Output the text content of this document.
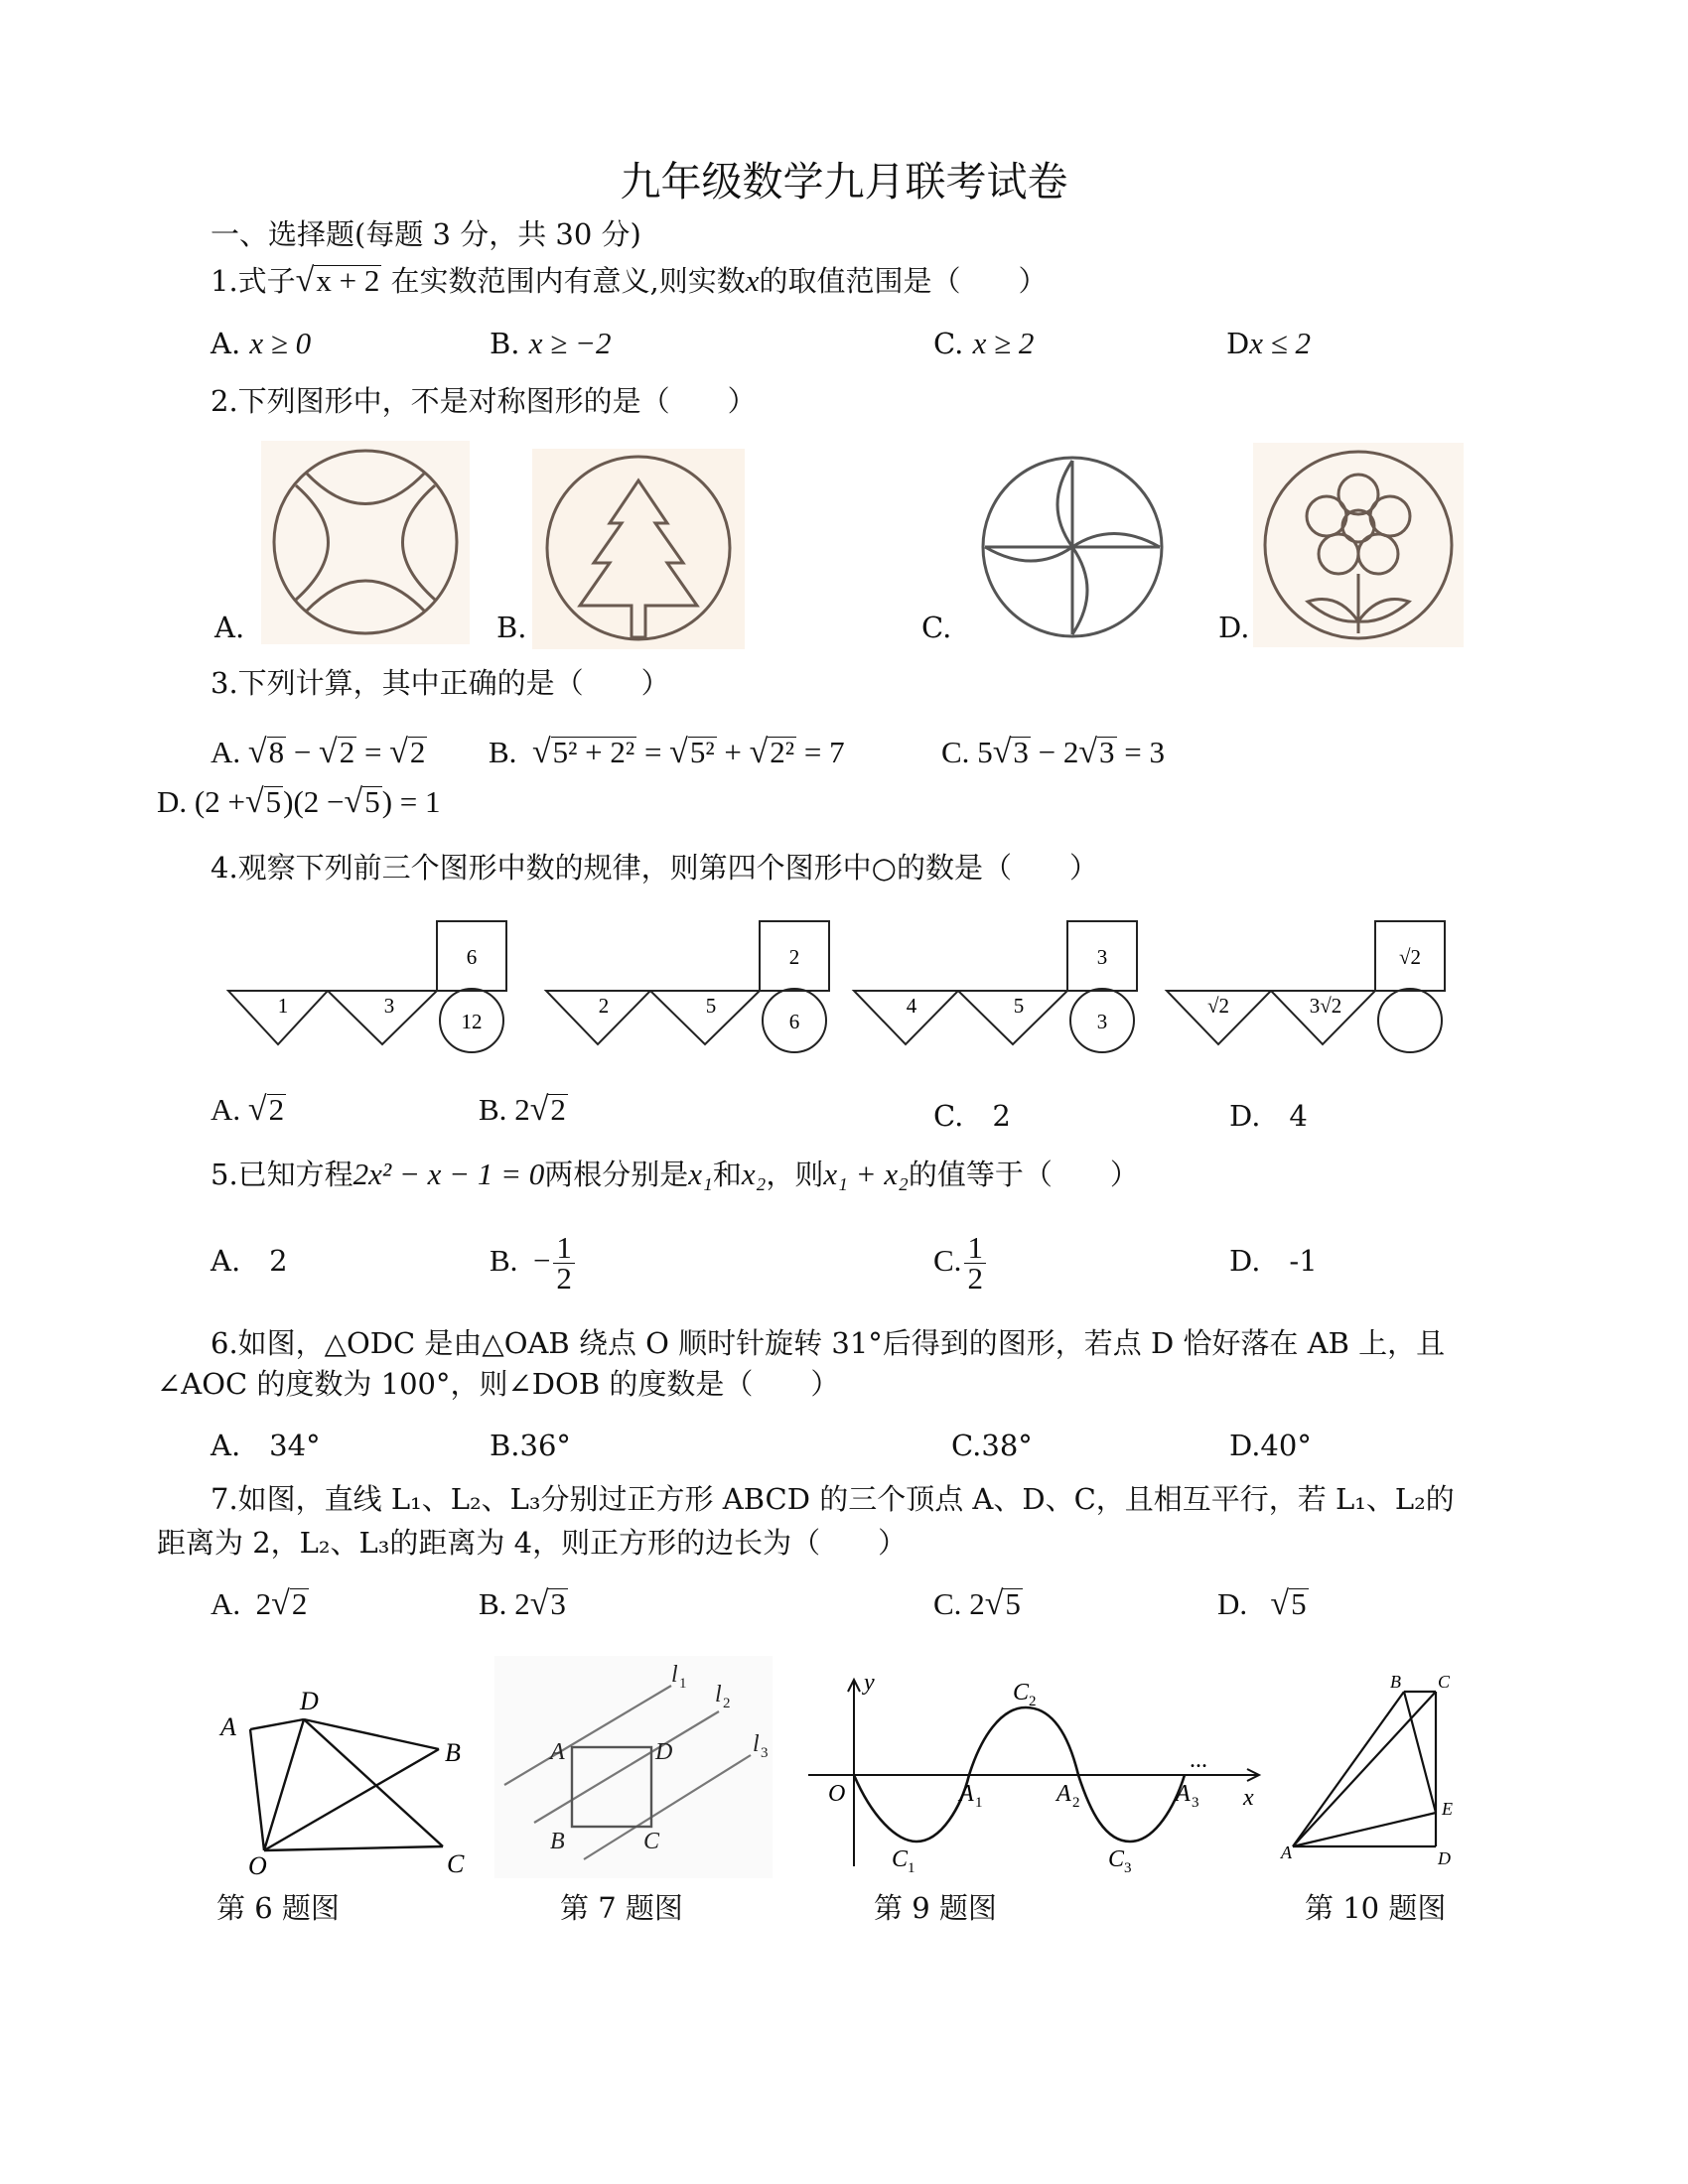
九年级数学九月联考试卷
一、选择题(每题 3 分，共 30 分)
1.式子√x + 2 在实数范围内有意义,则实数x的取值范围是（　　）
A. x ≥ 0	B. x ≥ −2	C. x ≥ 2	Dx ≤ 2
2.下列图形中，不是对称图形的是（　　）
A.	B.	C.	D.
3.下列计算，其中正确的是（　　）
A. √8 − √2 = √2 B. √5² + 2² = √5² + √2² = 7	C. 5√3 − 2√3 = 3
D. (2 +√5)(2 −√5) = 1
4.观察下列前三个图形中数的规律，则第四个图形中○的数是（　　）
1	3
6
12
2	5
2
6
4	5
3
3
√2	3√2
√2
A. √2	B. 2√2	C.　2	D.　4
5.已知方程2x² − x − 1 = 0两根分别是x₁和x₂，则x₁ + x₂的值等于（　　）
A.　2	B. − $\frac{1}{2}$	C. $\frac{1}{2}$	D.　-1
6.如图，△ODC 是由△OAB 绕点 O 顺时针旋转 31°后得到的图形，若点 D 恰好落在 AB 上，且
∠AOC 的度数为 100°，则∠DOB 的度数是（　　）
A.　34°	B.36°	C.38°	D.40°
7.如图，直线 L₁、L₂、L₃分别过正方形 ABCD 的三个顶点 A、D、C，且相互平行，若 L₁、L₂的
距离为 2，L₂、L₃的距离为 4，则正方形的边长为（　　）
A. 2√2	B. 2√3	C. 2√5	D. √5
A
D
B
O	C
第 6 题图
A	D
B	C
l 1 l 2
l 3
第 7 题图
y
x
O	A 1	A 2	A 3
C 2
C 1	C 3
...
第 9 题图
B C
E
A	D
第 10 题图
